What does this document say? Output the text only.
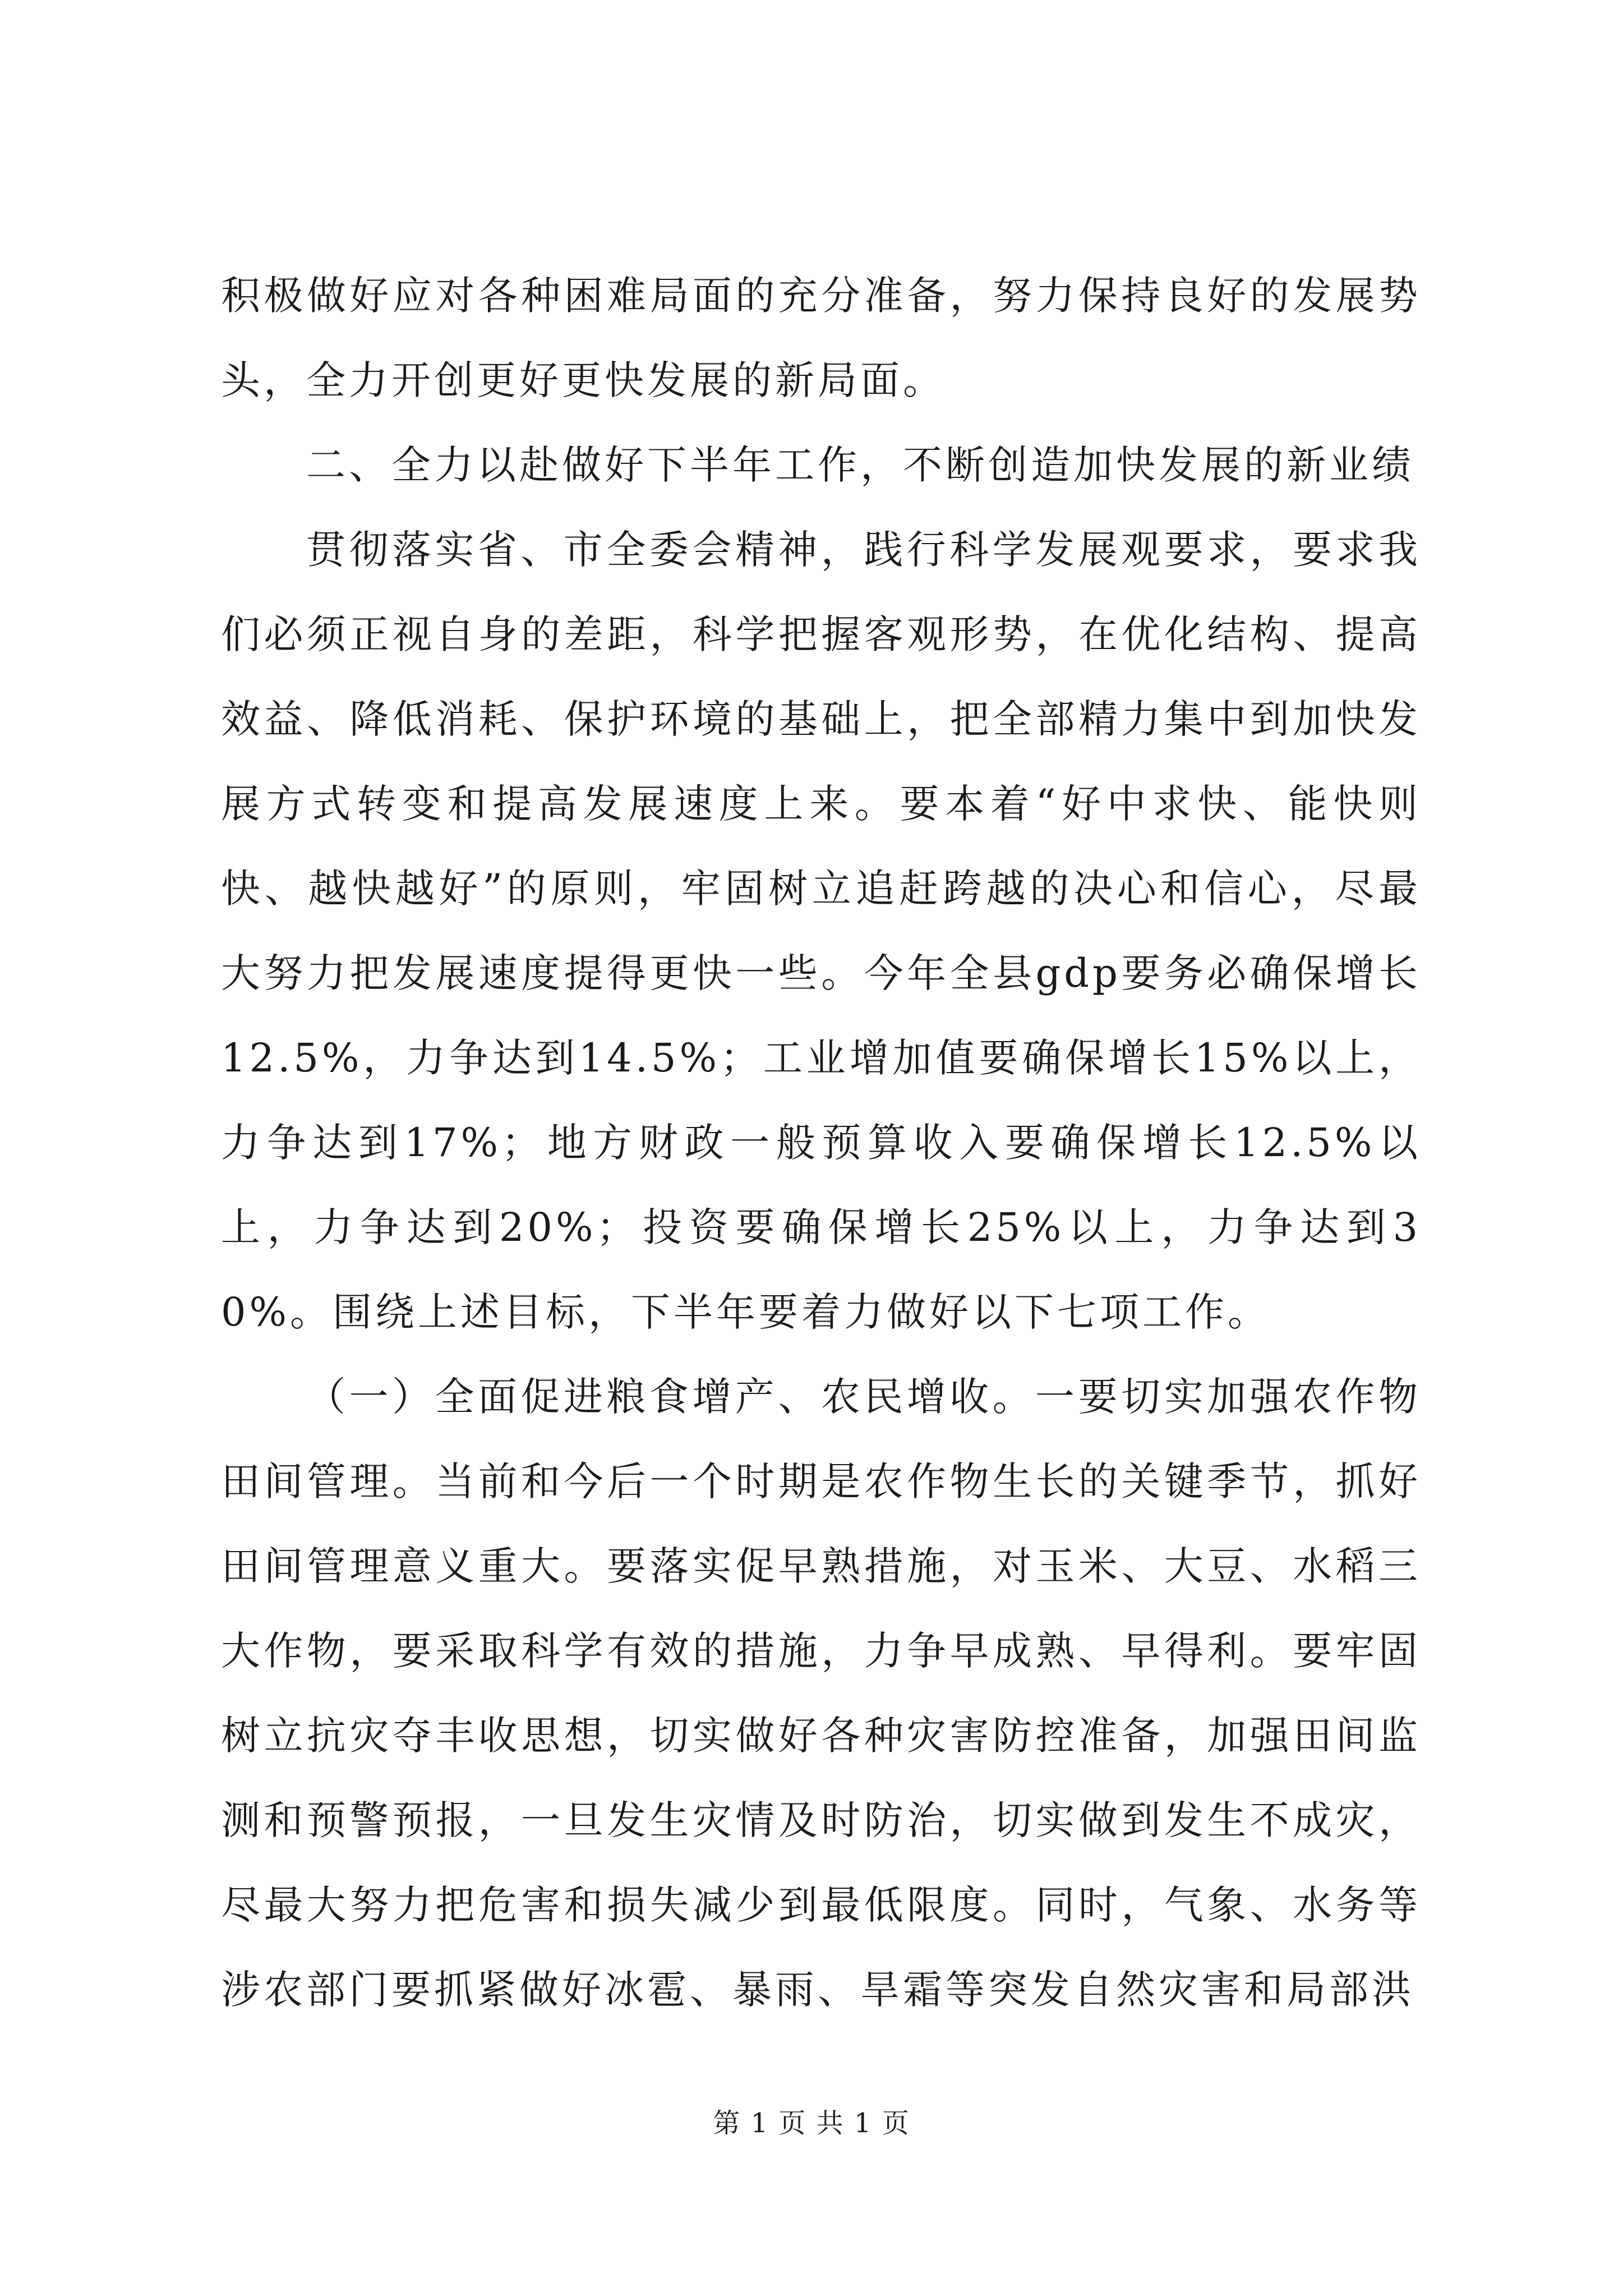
积极做好应对各种困难局面的充分准备，努力保持良好的发展势头，全力开创更好更快发展的新局面。

二、全力以赴做好下半年工作，不断创造加快发展的新业绩

贯彻落实省、市全委会精神，践行科学发展观要求，要求我们必须正视自身的差距，科学把握客观形势，在优化结构、提高效益、降低消耗、保护环境的基础上，把全部精力集中到加快发展方式转变和提高发展速度上来。要本着“好中求快、能快则快、越快越好”的原则，牢固树立追赶跨越的决心和信心，尽最大努力把发展速度提得更快一些。今年全县gdp要务必确保增长12.5%，力争达到14.5%；工业增加值要确保增长15%以上，力争达到17%；地方财政一般预算收入要确保增长12.5%以上，力争达到20%；投资要确保增长25%以上，力争达到30%。围绕上述目标，下半年要着力做好以下七项工作。

（一）全面促进粮食增产、农民增收。一要切实加强农作物田间管理。当前和今后一个时期是农作物生长的关键季节，抓好田间管理意义重大。要落实促早熟措施，对玉米、大豆、水稻三大作物，要采取科学有效的措施，力争早成熟、早得利。要牢固树立抗灾夺丰收思想，切实做好各种灾害防控准备，加强田间监测和预警预报，一旦发生灾情及时防治，切实做到发生不成灾，尽最大努力把危害和损失减少到最低限度。同时，气象、水务等涉农部门要抓紧做好冰雹、暴雨、旱霜等突发自然灾害和局部洪

第 1 页 共 1 页
